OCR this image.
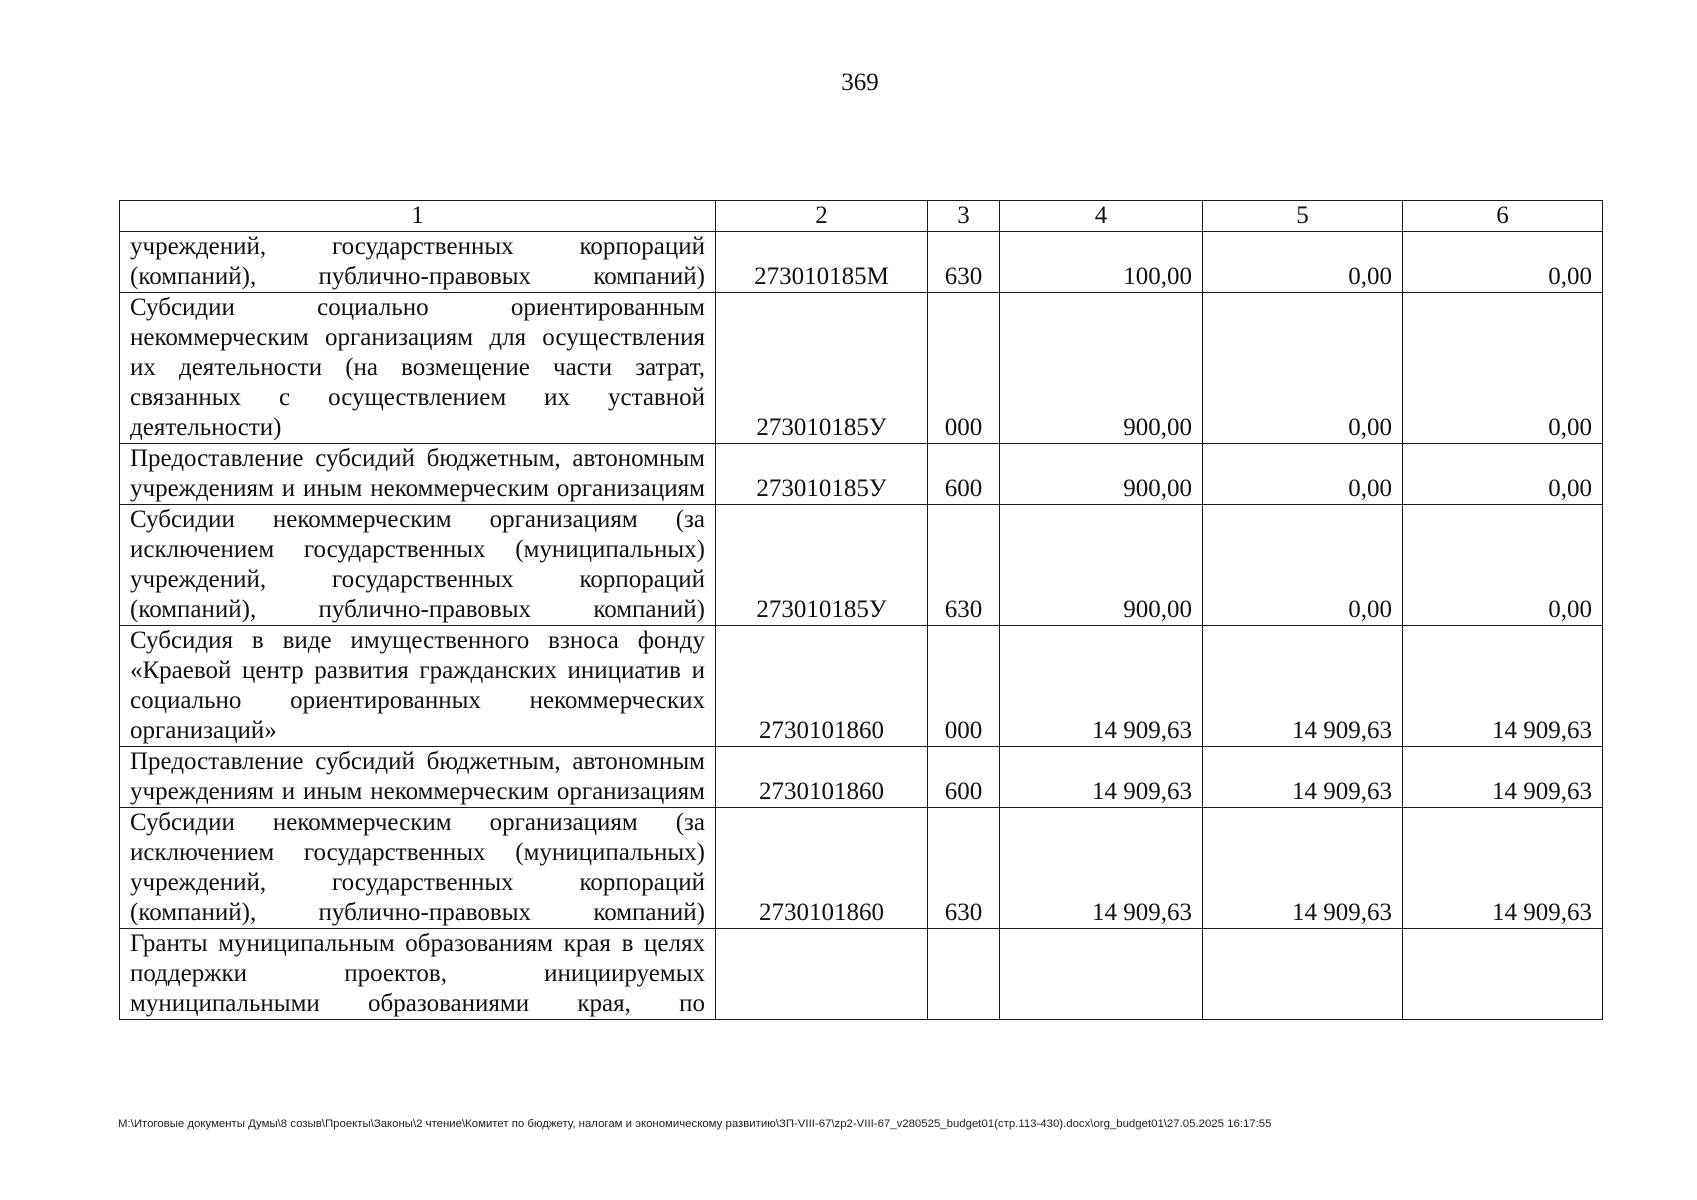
369
1	2	3	4	5	6
учреждений, государственных корпораций (компаний), публично-правовых компаний)	273010185М	630	100,00	0,00	0,00
Субсидии социально ориентированным некоммерческим организациям для осуществления их деятельности (на возмещение части затрат, связанных с осуществлением их уставной деятельности)	273010185У	000	900,00	0,00	0,00
Предоставление субсидий бюджетным, автономным учреждениям и иным некоммерческим организациям	273010185У	600	900,00	0,00	0,00
Субсидии некоммерческим организациям (за исключением государственных (муниципальных) учреждений, государственных корпораций (компаний), публично-правовых компаний)	273010185У	630	900,00	0,00	0,00
Субсидия в виде имущественного взноса фонду «Краевой центр развития гражданских инициатив и социально ориентированных некоммерческих организаций»	2730101860	000	14 909,63	14 909,63	14 909,63
Предоставление субсидий бюджетным, автономным учреждениям и иным некоммерческим организациям	2730101860	600	14 909,63	14 909,63	14 909,63
Субсидии некоммерческим организациям (за исключением государственных (муниципальных) учреждений, государственных корпораций (компаний), публично-правовых компаний)	2730101860	630	14 909,63	14 909,63	14 909,63
Гранты муниципальным образованиям края в целях поддержки проектов, инициируемых муниципальными образованиями края, по					
M:\Итоговые документы Думы\8 созыв\Проекты\Законы\2 чтение\Комитет по бюджету, налогам и экономическому развитию\ЗП-VIII-67\zp2-VIII-67_v280525_budget01(стр.113-430).docx\org_budget01\27.05.2025 16:17:55
